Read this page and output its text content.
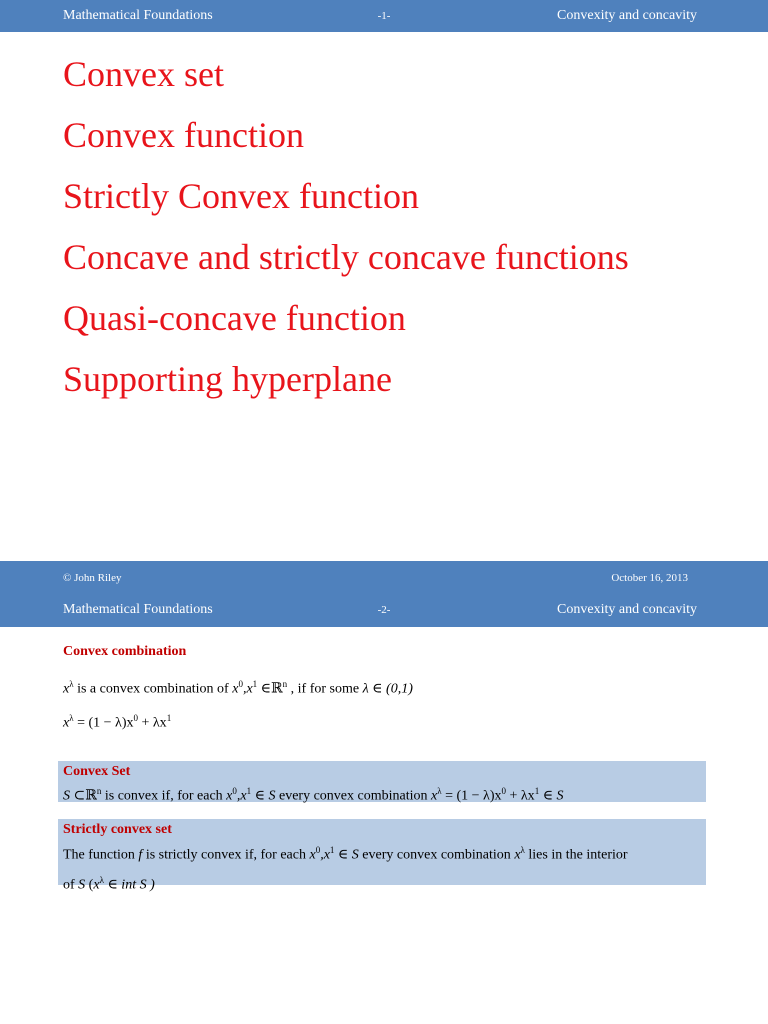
Mathematical Foundations	-1-	Convexity and concavity
Convex set
Convex function
Strictly Convex function
Concave and strictly concave functions
Quasi-concave function
Supporting hyperplane
© John Riley	October 16, 2013
Mathematical Foundations	-2-	Convexity and concavity
Convex combination
$x^\lambda$ is a convex combination of $x^0,x^1$ ∈ℝ$^n$ , if for some λ ∈ (0,1)
$x^\lambda = (1 - \lambda)x^0 + \lambda x^1$
Convex Set
S ⊂ℝ$^n$ is convex if, for each $x^0,x^1$ ∈ S every convex combination $x^\lambda = (1 - \lambda)x^0 + \lambda x^1$ ∈ S
Strictly convex set
The function f is strictly convex if, for each $x^0,x^1$ ∈ S every convex combination $x^\lambda$ lies in the interior
of S ($x^\lambda$ ∈ int S )
